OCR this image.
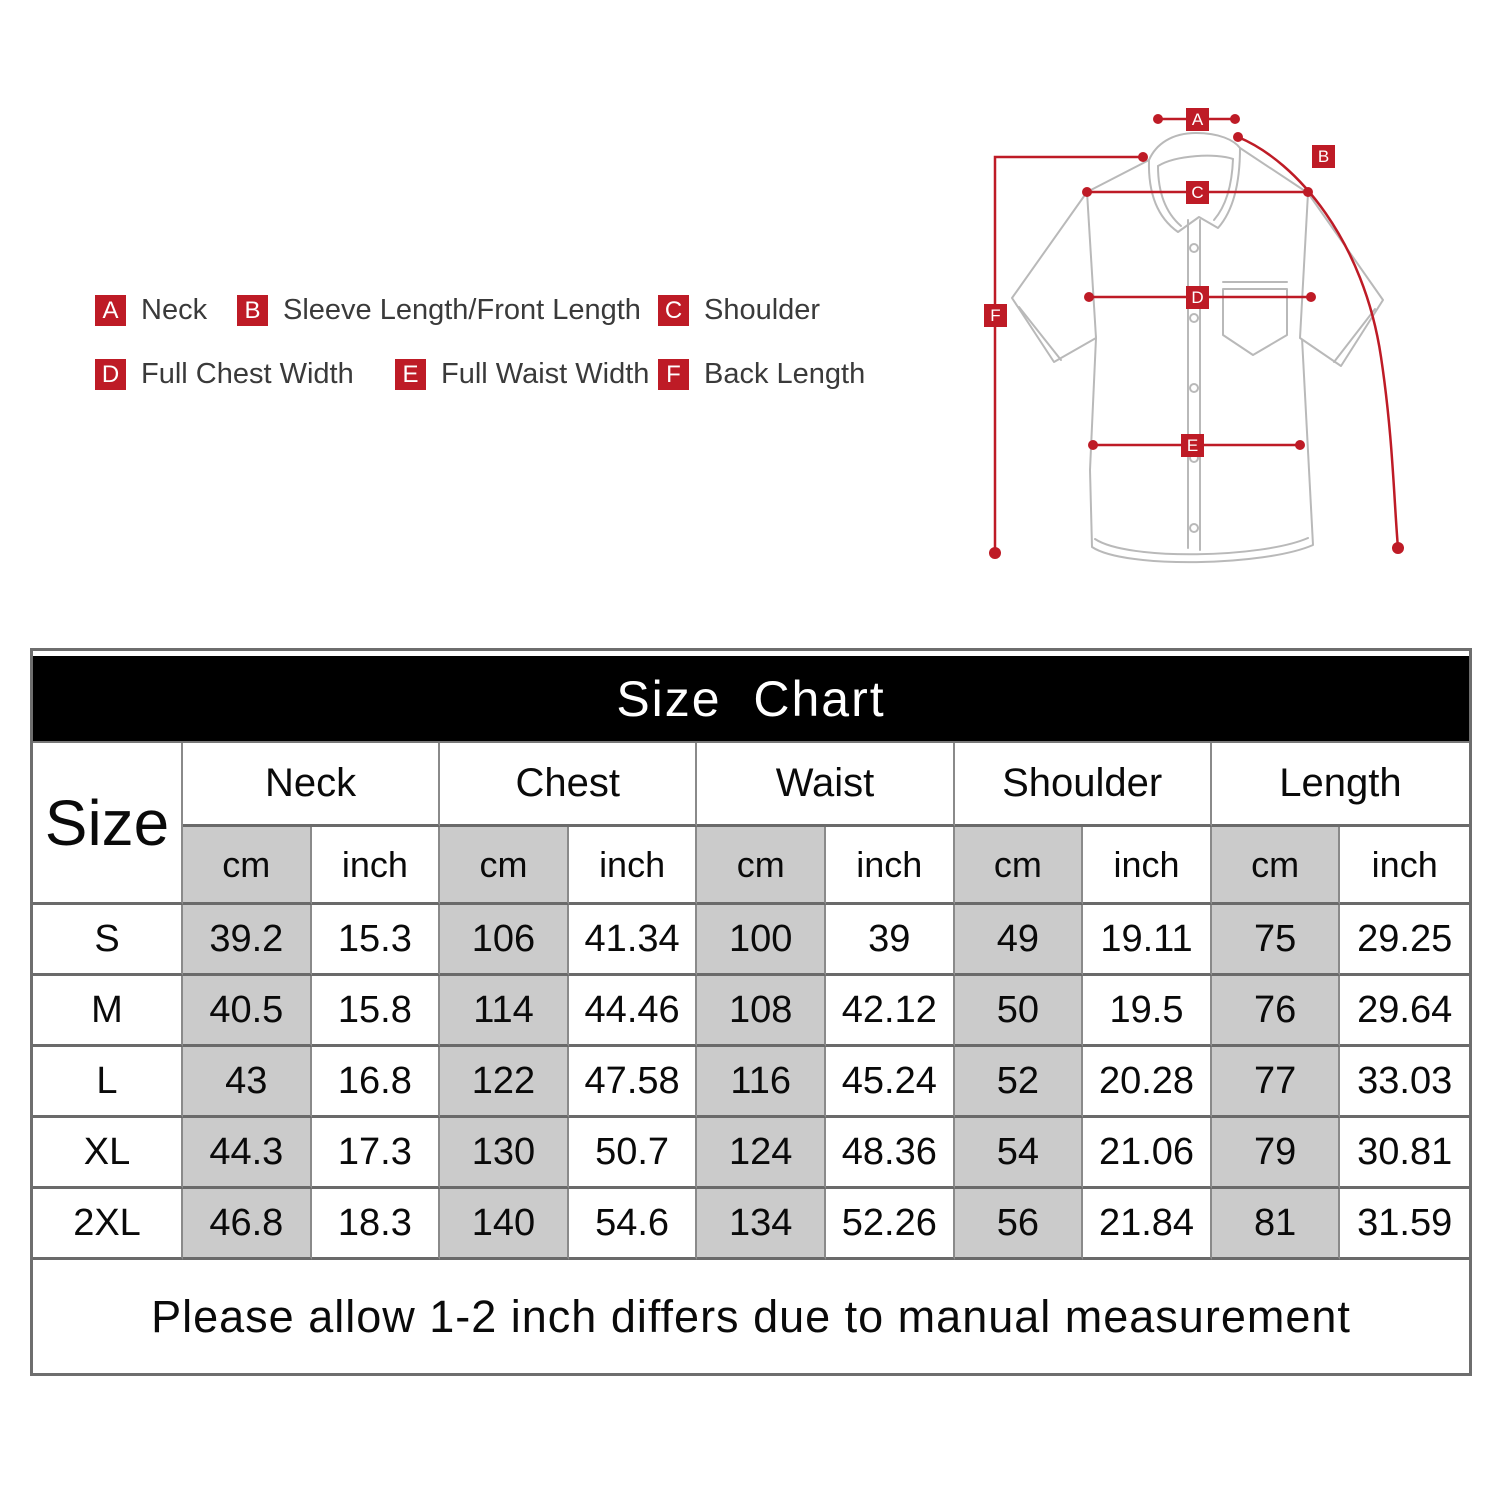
A Neck	B Sleeve Length/Front Length C Shoulder
D Full Chest Width	E Full Waist Width F Back Length
A
B
C
D
E
F
Size  Chart
Size
Neck	Chest	Waist	Shoulder	Length
cm	inch	cm	inch	cm	inch	cm	inch	cm	inch
S	39.2	15.3	106	41.34	100	39	49	19.11	75	29.25
M	40.5	15.8	114	44.46	108	42.12	50	19.5	76	29.64
L	43	16.8	122	47.58	116	45.24	52	20.28	77	33.03
XL	44.3	17.3	130	50.7	124	48.36	54	21.06	79	30.81
2XL	46.8	18.3	140	54.6	134	52.26	56	21.84	81	31.59
Please allow 1-2 inch differs due to manual measurement
